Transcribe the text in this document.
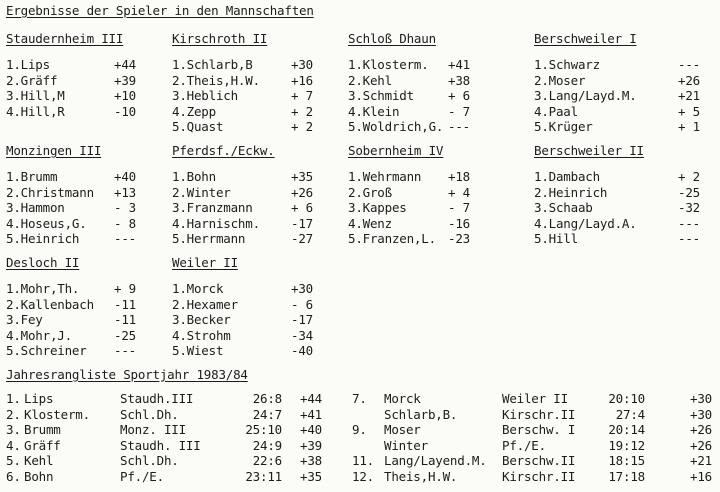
Ergebnisse der Spieler in den Mannschaften
Staudernheim III
1.Lips	+44
2.Gräff	+39
3.Hill,M	+10
4.Hill,R	-10
Kirschroth II
1.Schlarb,B	+30
2.Theis,H.W.	+16
3.Heblich	+ 7
4.Zepp	+ 2
5.Quast	+ 2
Schloß Dhaun
1.Klosterm.	+41
2.Kehl	+38
3.Schmidt	+ 6
4.Klein	- 7
5.Woldrich,G. ---
Berschweiler I
1.Schwarz	---
2.Moser	+26
3.Lang/Layd.M.	+21
4.Paal	+ 5
5.Krüger	+ 1
Monzingen III
1.Brumm	+40
2.Christmann	+13
3.Hammon	- 3
4.Hoseus,G.	- 8
5.Heinrich	---
Pferdsf./Eckw.
1.Bohn	+35
2.Winter	+26
3.Franzmann	+ 6
4.Harnischm.	-17
5.Herrmann	-27
Sobernheim IV
1.Wehrmann	+18
2.Groß	+ 4
3.Kappes	- 7
4.Wenz	-16
5.Franzen,L. -23
Berschweiler II
1.Dambach	+ 2
2.Heinrich	-25
3.Schaab	-32
4.Lang/Layd.A.	---
5.Hill	---
Desloch II
1.Mohr,Th.	+ 9
2.Kallenbach	-11
3.Fey	-11
4.Mohr,J.	-25
5.Schreiner	---
Weiler II
1.Morck	+30
2.Hexamer	- 6
3.Becker	-17
4.Strohm	-34
5.Wiest	-40
Jahresrangliste Sportjahr 1983/84
1. Lips	Staudh.III	26:8	+44
2. Klosterm. Schl.Dh.	24:7	+41
3. Brumm	Monz. III	25:10	+40
4. Gräff	Staudh. III	24:9	+39
5. Kehl	Schl.Dh.	22:6	+38
6. Bohn	Pf./E.	23:11	+35
7. Morck	Weiler II	20:10	+30
Schlarb,B.	Kirschr.II	27:4	+30
9. Moser	Berschw. I	20:14	+26
Winter	Pf./E.	19:12	+26
11. Lang/Layend.M. Berschw.II	18:15	+21
12. Theis,H.W.	Kirschr.II	17:18	+16
